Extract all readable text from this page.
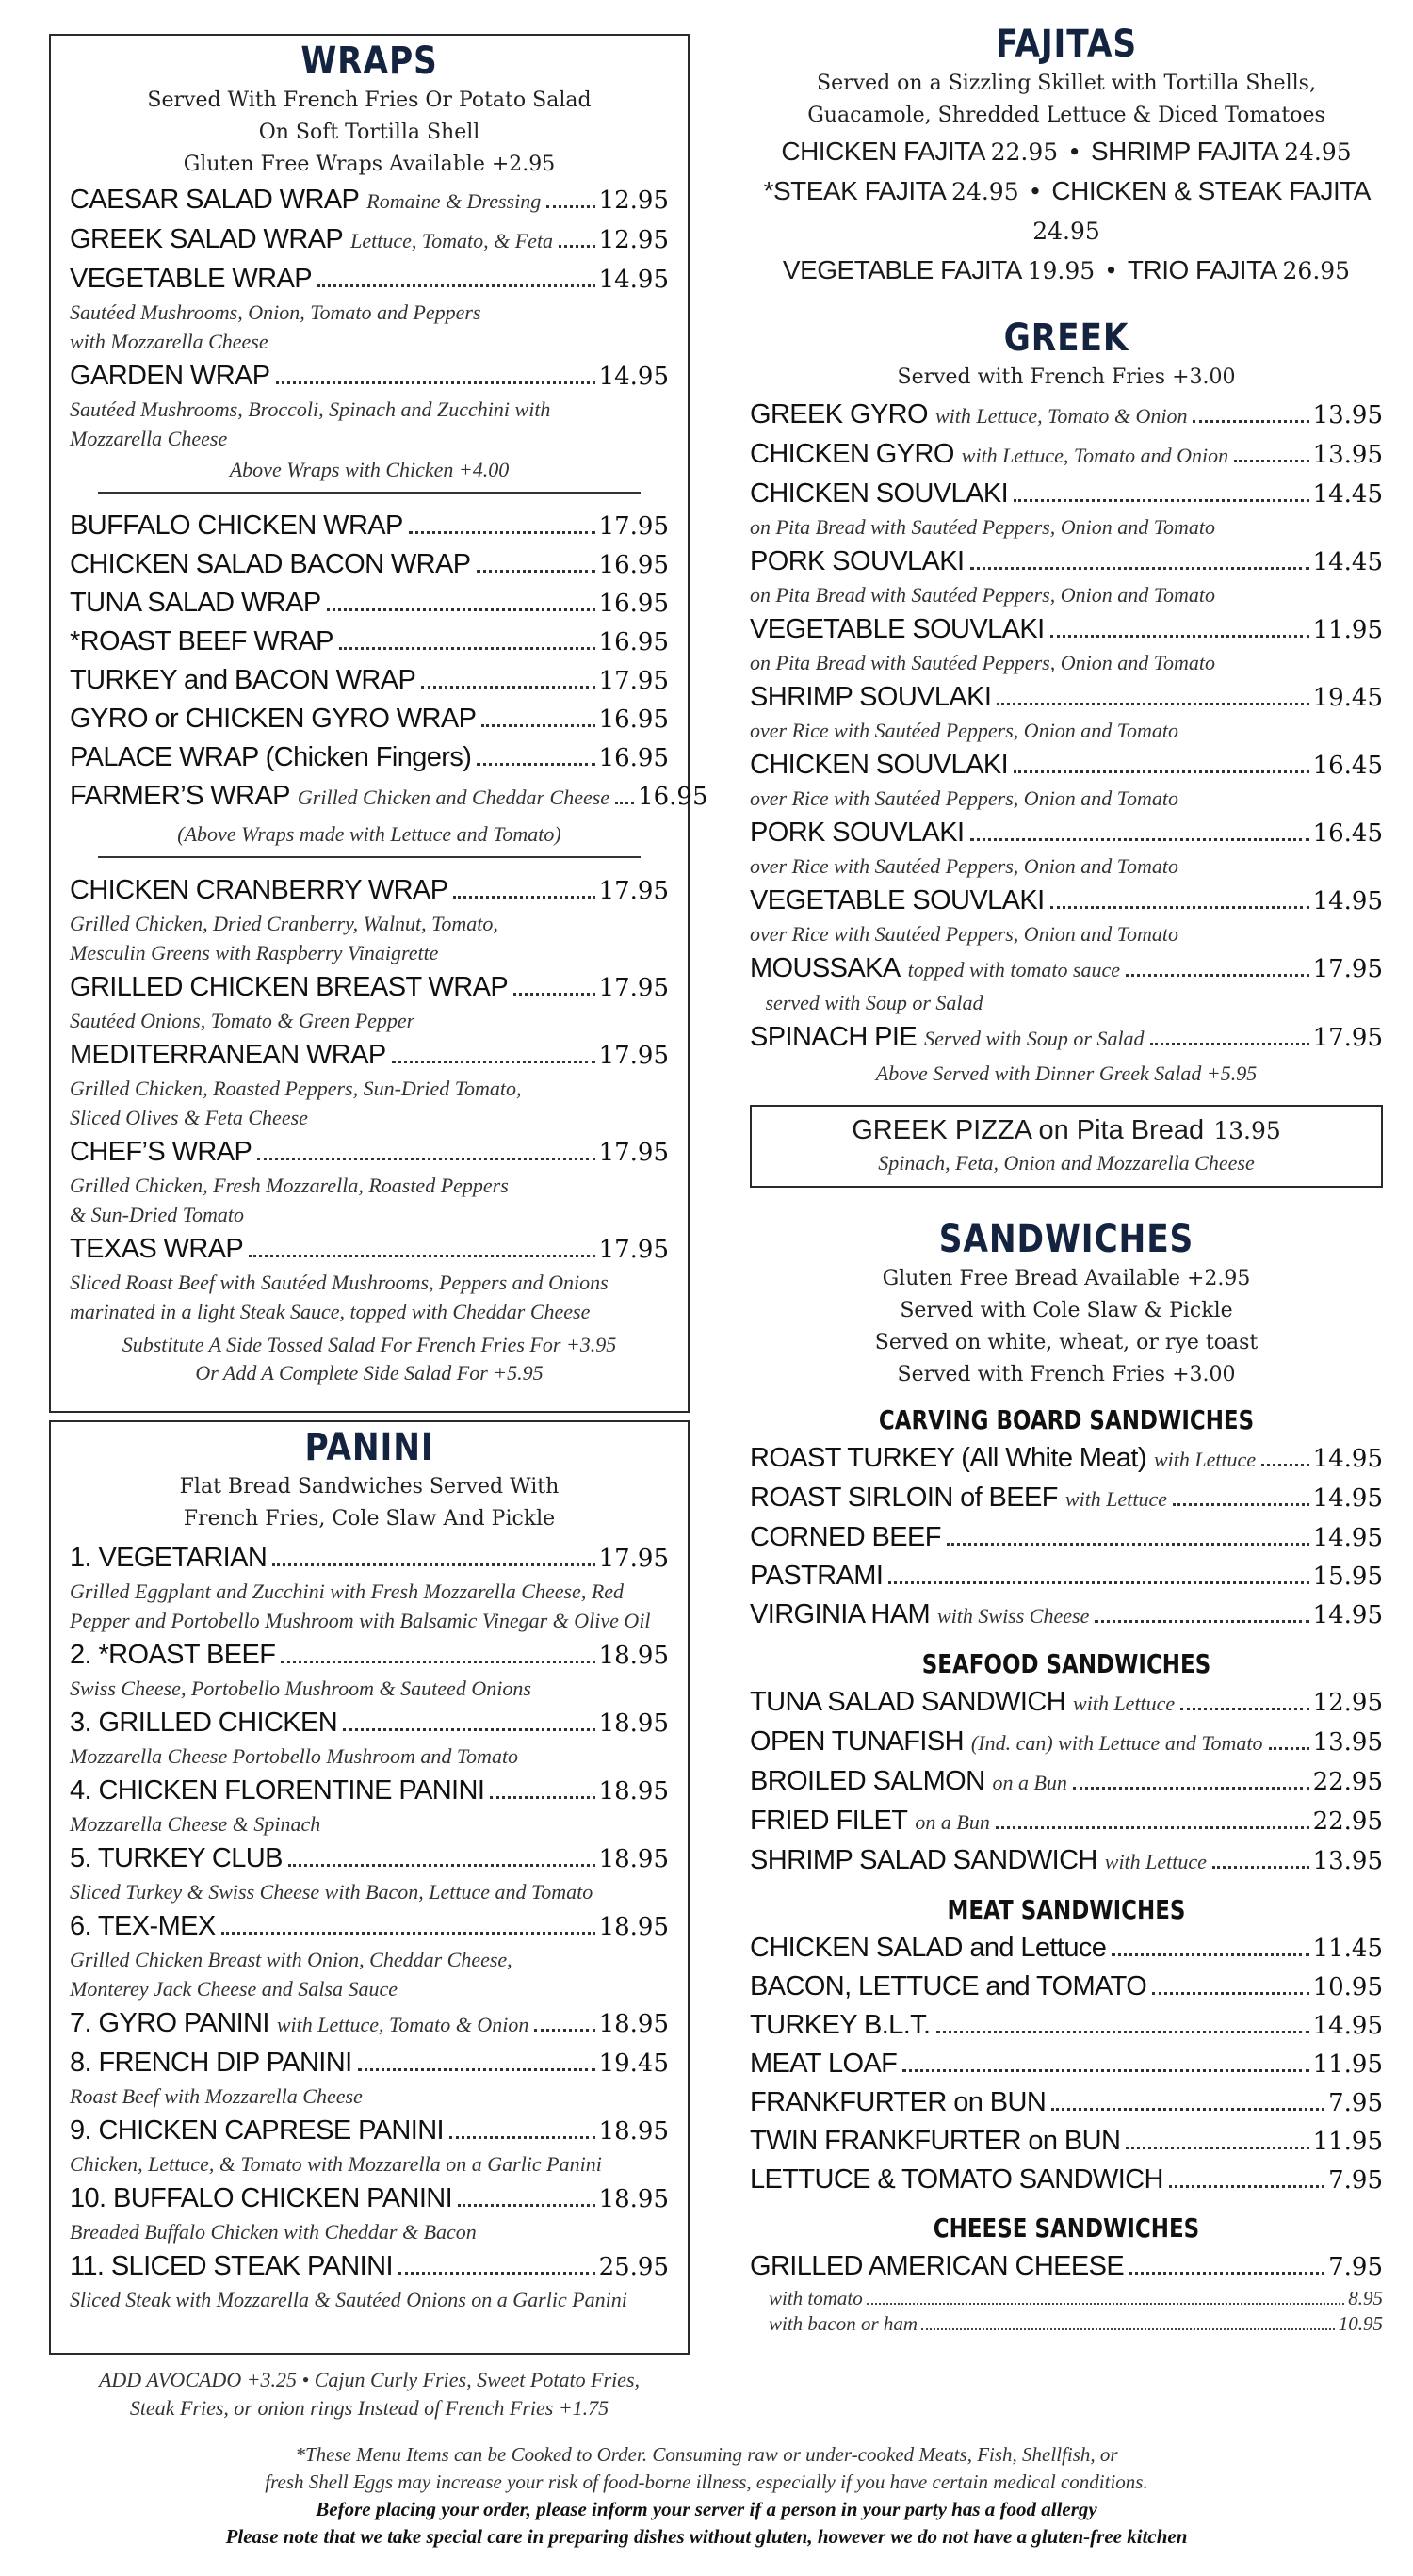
WRAPS
Served With French Fries Or Potato Salad
On Soft Tortilla Shell
Gluten Free Wraps Available +2.95
CAESAR SALAD WRAP Romaine & Dressing 12.95
GREEK SALAD WRAP Lettuce, Tomato, & Feta 12.95
VEGETABLE WRAP	14.95
Sautéed Mushrooms, Onion, Tomato and Peppers
with Mozzarella Cheese
GARDEN WRAP	14.95
Sautéed Mushrooms, Broccoli, Spinach and Zucchini with
Mozzarella Cheese
Above Wraps with Chicken +4.00
BUFFALO CHICKEN WRAP	17.95
CHICKEN SALAD BACON WRAP	16.95
TUNA SALAD WRAP	16.95
*ROAST BEEF WRAP	16.95
TURKEY and BACON WRAP	17.95
GYRO or CHICKEN GYRO WRAP	16.95
PALACE WRAP (Chicken Fingers)	16.95
FARMER’S WRAP Grilled Chicken and Cheddar Cheese 16.95
(Above Wraps made with Lettuce and Tomato)
CHICKEN CRANBERRY WRAP	17.95
Grilled Chicken, Dried Cranberry, Walnut, Tomato,
Mesculin Greens with Raspberry Vinaigrette
GRILLED CHICKEN BREAST WRAP	17.95
Sautéed Onions, Tomato & Green Pepper
MEDITERRANEAN WRAP	17.95
Grilled Chicken, Roasted Peppers, Sun-Dried Tomato,
Sliced Olives & Feta Cheese
CHEF’S WRAP	17.95
Grilled Chicken, Fresh Mozzarella, Roasted Peppers
& Sun-Dried Tomato
TEXAS WRAP	17.95
Sliced Roast Beef with Sautéed Mushrooms, Peppers and Onions
marinated in a light Steak Sauce, topped with Cheddar Cheese
Substitute A Side Tossed Salad For French Fries For +3.95
Or Add A Complete Side Salad For +5.95
PANINI
Flat Bread Sandwiches Served With
French Fries, Cole Slaw And Pickle
1. VEGETARIAN	17.95
Grilled Eggplant and Zucchini with Fresh Mozzarella Cheese, Red
Pepper and Portobello Mushroom with Balsamic Vinegar & Olive Oil
2. *ROAST BEEF	18.95
Swiss Cheese, Portobello Mushroom & Sauteed Onions
3. GRILLED CHICKEN	18.95
Mozzarella Cheese Portobello Mushroom and Tomato
4. CHICKEN FLORENTINE PANINI	18.95
Mozzarella Cheese & Spinach
5. TURKEY CLUB	18.95
Sliced Turkey & Swiss Cheese with Bacon, Lettuce and Tomato
6. TEX-MEX	18.95
Grilled Chicken Breast with Onion, Cheddar Cheese,
Monterey Jack Cheese and Salsa Sauce
7. GYRO PANINI with Lettuce, Tomato & Onion	18.95
8. FRENCH DIP PANINI	19.45
Roast Beef with Mozzarella Cheese
9. CHICKEN CAPRESE PANINI	18.95
Chicken, Lettuce, & Tomato with Mozzarella on a Garlic Panini
10. BUFFALO CHICKEN PANINI	18.95
Breaded Buffalo Chicken with Cheddar & Bacon
11. SLICED STEAK PANINI	25.95
Sliced Steak with Mozzarella & Sautéed Onions on a Garlic Panini
ADD AVOCADO +3.25 • Cajun Curly Fries, Sweet Potato Fries,
Steak Fries, or onion rings Instead of French Fries +1.75
FAJITAS
Served on a Sizzling Skillet with Tortilla Shells,
Guacamole, Shredded Lettuce & Diced Tomatoes
CHICKEN FAJITA 22.95 • SHRIMP FAJITA 24.95
*STEAK FAJITA 24.95 • CHICKEN & STEAK FAJITA 24.95
VEGETABLE FAJITA 19.95 • TRIO FAJITA 26.95
GREEK
Served with French Fries +3.00
GREEK GYRO with Lettuce, Tomato & Onion	13.95
CHICKEN GYRO with Lettuce, Tomato and Onion	13.95
CHICKEN SOUVLAKI	14.45
on Pita Bread with Sautéed Peppers, Onion and Tomato
PORK SOUVLAKI	14.45
on Pita Bread with Sautéed Peppers, Onion and Tomato
VEGETABLE SOUVLAKI	11.95
on Pita Bread with Sautéed Peppers, Onion and Tomato
SHRIMP SOUVLAKI	19.45
over Rice with Sautéed Peppers, Onion and Tomato
CHICKEN SOUVLAKI	16.45
over Rice with Sautéed Peppers, Onion and Tomato
PORK SOUVLAKI	16.45
over Rice with Sautéed Peppers, Onion and Tomato
VEGETABLE SOUVLAKI	14.95
over Rice with Sautéed Peppers, Onion and Tomato
MOUSSAKA topped with tomato sauce	17.95
served with Soup or Salad
SPINACH PIE Served with Soup or Salad	17.95
Above Served with Dinner Greek Salad +5.95
GREEK PIZZA on Pita Bread 13.95
Spinach, Feta, Onion and Mozzarella Cheese
SANDWICHES
Gluten Free Bread Available +2.95
Served with Cole Slaw & Pickle
Served on white, wheat, or rye toast
Served with French Fries +3.00
CARVING BOARD SANDWICHES
ROAST TURKEY (All White Meat) with Lettuce 14.95
ROAST SIRLOIN of BEEF with Lettuce	14.95
CORNED BEEF	14.95
PASTRAMI	15.95
VIRGINIA HAM with Swiss Cheese	14.95
SEAFOOD SANDWICHES
TUNA SALAD SANDWICH with Lettuce	12.95
OPEN TUNAFISH (Ind. can) with Lettuce and Tomato 13.95
BROILED SALMON on a Bun	22.95
FRIED FILET on a Bun	22.95
SHRIMP SALAD SANDWICH with Lettuce	13.95
MEAT SANDWICHES
CHICKEN SALAD and Lettuce	11.45
BACON, LETTUCE and TOMATO	10.95
TURKEY B.L.T.	14.95
MEAT LOAF	11.95
FRANKFURTER on BUN	7.95
TWIN FRANKFURTER on BUN	11.95
LETTUCE & TOMATO SANDWICH	7.95
CHEESE SANDWICHES
GRILLED AMERICAN CHEESE	7.95
with tomato	8.95
with bacon or ham	10.95
*These Menu Items can be Cooked to Order. Consuming raw or under-cooked Meats, Fish, Shellfish, or
fresh Shell Eggs may increase your risk of food-borne illness, especially if you have certain medical conditions.
Before placing your order, please inform your server if a person in your party has a food allergy
Please note that we take special care in preparing dishes without gluten, however we do not have a gluten-free kitchen
